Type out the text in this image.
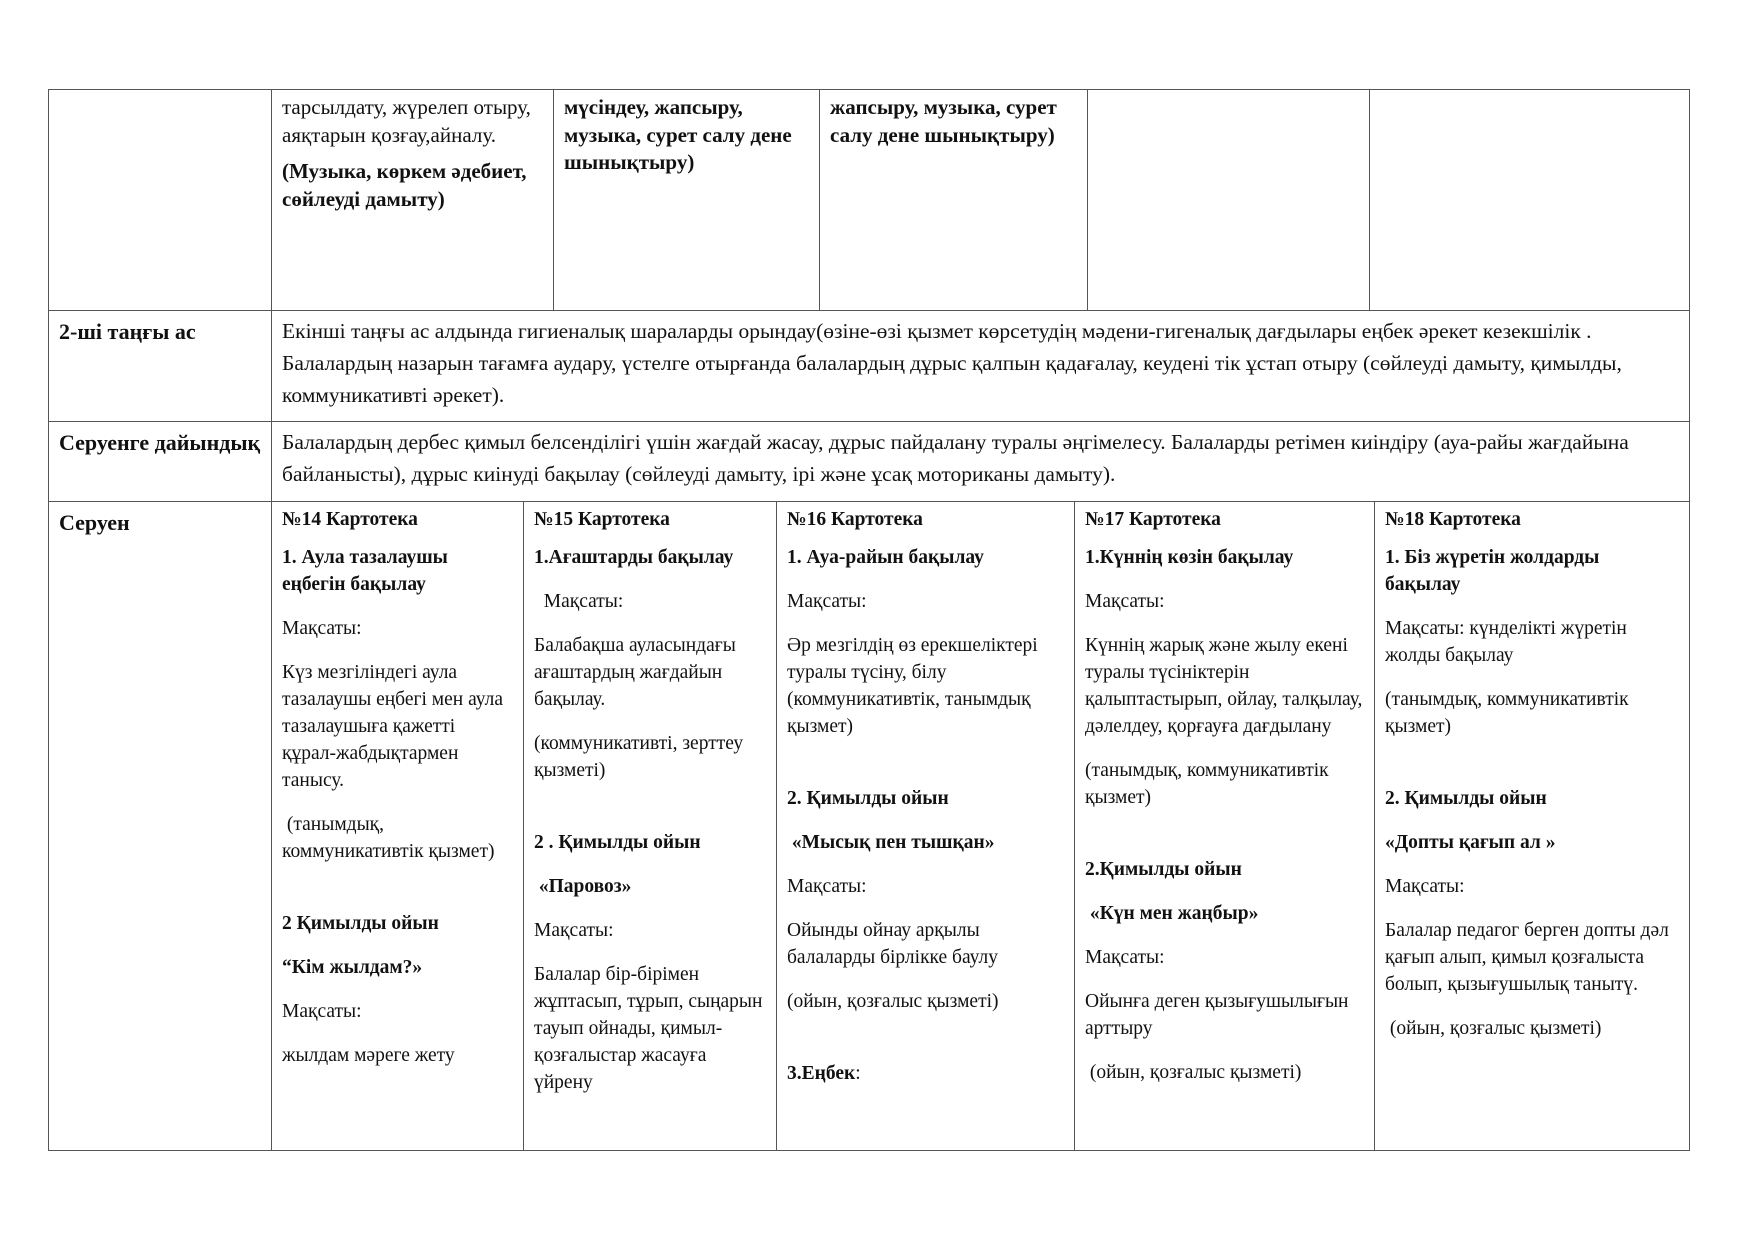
тарсылдату, жүрелеп отыру, аяқтарын қозғау,айналу.

(Музыка, көркем әдебиет, сөйлеуді дамыту)

мүсіндеу, жапсыру, музыка, сурет салу дене шынықтыру)

жапсыру, музыка, сурет салу дене шынықтыру)

2-ші таңғы ас	Екінші таңғы ас алдында гигиеналық шараларды орындау(өзіне-өзі қызмет көрсетудің мәдени-гигеналық дағдылары еңбек әрекет кезекшілік . Балалардың назарын тағамға аудару, үстелге отырғанда балалардың дұрыс қалпын қадағалау, кеудені тік ұстап отыру (сөйлеуді дамыту, қимылды, коммуникативті әрекет).

Серуенге дайындық Балалардың дербес қимыл белсенділігі үшін жағдай жасау, дұрыс пайдалану туралы әңгімелесу. Балаларды ретімен киіндіру (ауа-райы жағдайына байланысты), дұрыс киінуді бақылау (сөйлеуді дамыту, ірі және ұсақ моториканы дамыту).

Серуен	№14 Картотека

1. Аула тазалаушы еңбегін бақылау

Мақсаты:

Күз мезгіліндегі аула тазалаушы еңбегі мен аула тазалаушыға қажетті құрал-жабдықтармен танысу.

(танымдық, коммуникативтік қызмет)

2 Қимылды ойын

“Кім жылдам?»

Мақсаты:

жылдам мәреге жету

№15 Картотека

1.Ағаштарды бақылау

Мақсаты:

Балабақша ауласындағы ағаштардың жағдайын бақылау.

(коммуникативті, зерттеу қызметі)

2 . Қимылды ойын

«Паровоз»

Мақсаты:

Балалар бір-бірімен жұптасып, тұрып, сыңарын тауып ойнады, қимыл- қозғалыстар жасауға үйрену

№16 Картотека

1. Ауа-райын бақылау

Мақсаты:

Әр мезгілдің өз ерекшеліктері туралы түсіну, білу (коммуникативтік, танымдық қызмет)

2. Қимылды ойын

«Мысық пен тышқан»

Мақсаты:

Ойынды ойнау арқылы балаларды бірлікке баулу

(ойын, қозғалыс қызметі)

3.Еңбек:

№17 Картотека

1.Күннің көзін бақылау

Мақсаты:

Күннің жарық және жылу екені туралы түсініктерін қалыптастырып, ойлау, талқылау, дәлелдеу, қорғауға дағдылану

(танымдық, коммуникативтік қызмет)

2.Қимылды ойын

«Күн мен жаңбыр»

Мақсаты:

Ойынға деген қызығушылығын арттыру

(ойын, қозғалыс қызметі)

№18 Картотека

1. Біз жүретін жолдарды бақылау

Мақсаты: күнделікті жүретін жолды бақылау

(танымдық, коммуникативтік қызмет)

2. Қимылды ойын

«Допты қағып ал »

Мақсаты:

Балалар педагог берген допты дәл қағып алып, қимыл қозғалыста болып, қызығушылық танытү.

(ойын, қозғалыс қызметі)
